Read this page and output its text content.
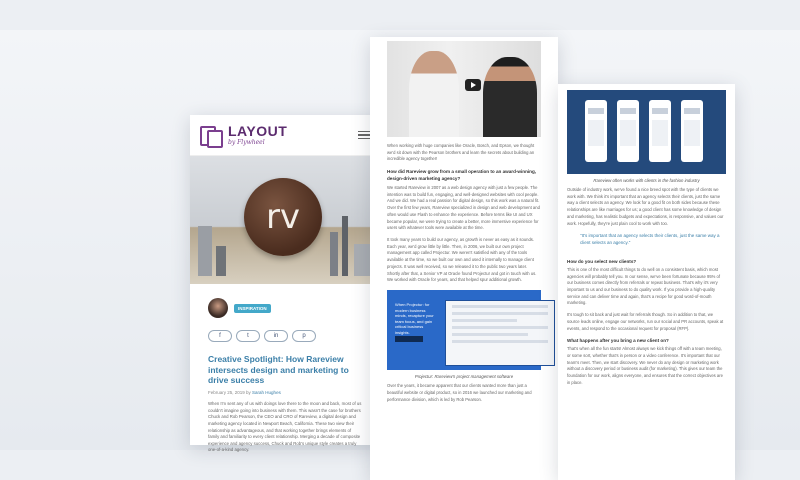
LAYOUT
by Flywheel
rv
INSPIRATION
f	t	in	p
Creative Spotlight: How Rareview intersects design and marketing to drive success
February 25, 2019 by Sarah Hughes
When I'm sent any of us with doings love there to the moon and back, most of us couldn't imagine going into business with them. This wasn't the case for brothers Chuck and Rob Pearson, the CEO and CRO of Rareview, a digital design and marketing agency located in Newport Beach, California. These two view their relationship as advantageous, and that working together brings elements of family and familiarity to every client relationship. Merging a decade of composite experience and agency success, Chuck and Rob's unique style creates a truly one-of-a-kind agency.
When working with huge companies like Oracle, Bosch, and Epson, we thought we'd sit down with the Pearson brothers and learn the secrets about building an incredible agency together!
How did Rareview grow from a small operation to an award-winning, design-driven marketing agency?
We started Rareview in 2007 as a web design agency with just a few people. The intention was to build fun, engaging, and well-designed websites with cool people. And we did. We had a real passion for digital design, so this work was a natural fit. Over the first few years, Rareview specialized in design and web development and often would use Flash to enhance the experience. Before terms like UI and UX became popular, we were trying to create a better, more immersive experience for users with whatever tools were available at the time.
It took many years to build our agency, as growth is never as easy as it sounds. Each year, we'd grow little by little. Then, in 2006, we built our own project management app called Projectur. We weren't satisfied with any of the tools available at the time, so we built our own and used it internally to manage client projects. It was well received, so we released it to the public two years later. Shortly after that, a Senior VP at Oracle found Projectur and got in touch with us. We worked with Oracle for years, and that helped spur additional growth.
When Projectur: for modern business minds, recapture your team focus, and gain critical business insights.
Projectur: Rareview's project management software
Over the years, it became apparent that our clients wanted more than just a beautiful website or digital product, so in 2016 we launched our marketing and performance division, which is led by Rob Pearson.
Rareview often works with clients in the fashion industry
Outside of industry work, we've found a nice breed spot with the type of clients we work with. We think it's important that an agency selects their clients, just the same way a client selects an agency. We look for a good fit on both sides because these relationships are like marriages for us; a good client has some knowledge of design and marketing, has realistic budgets and expectations, is responsive, and values our work. Hopefully, they're just plain cool to work with too.
"It's important that an agency selects their clients, just the same way a client selects an agency."
How do you select new clients?
This is one of the most difficult things to do well on a consistent basis, which most agencies will probably tell you. In our sense, we've been fortunate because 95% of our business comes directly from referrals or repeat business. That's why it's very important to us and our business to do quality work. If you provide a high-quality service and can deliver time and again, that's a recipe for good word-of-mouth marketing.
It's tough to sit back and just wait for referrals though. So in addition to that, we source leads online, engage our networks, run our social and PR accounts, speak at events, and respond to the occasional request for proposal (RFP).
What happens after you bring a new client on?
That's when all the fun starts! Almost always we kick things off with a team meeting, or some sort, whether that's in person or a video conference. It's important that our team's meet. Then, we start discovery. We never do any design or marketing work without a discovery period or business audit (for marketing). This gives our team the foundation for our work, aligns everyone, and ensures that the correct objectives are in place.
